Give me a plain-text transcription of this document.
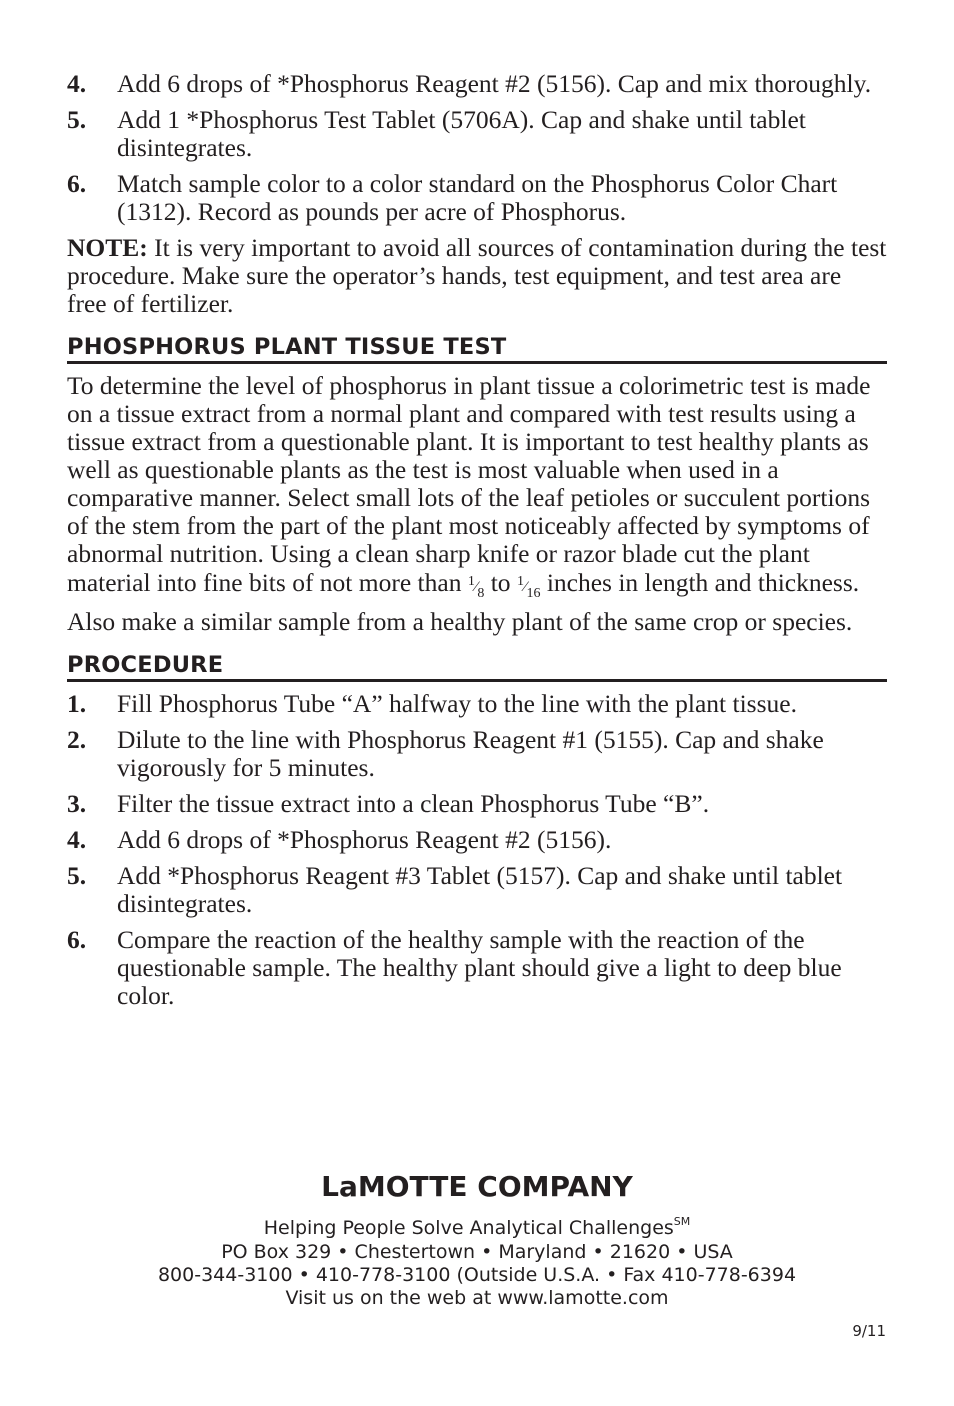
4.	Add 6 drops of *Phosphorus Reagent #2 (5156). Cap and mix thoroughly.
5.	Add 1 *Phosphorus Test Tablet (5706A). Cap and shake until tablet disintegrates.
6.	Match sample color to a color standard on the Phosphorus Color Chart (1312). Record as pounds per acre of Phosphorus.
NOTE: It is very important to avoid all sources of contamination during the test procedure. Make sure the operator’s hands, test equipment, and test area are free of fertilizer.
PHOSPHORUS PLANT TISSUE TEST
To determine the level of phosphorus in plant tissue a colorimetric test is made on a tissue extract from a normal plant and compared with test results using a tissue extract from a questionable plant. It is important to test healthy plants as well as questionable plants as the test is most valuable when used in a comparative manner. Select small lots of the leaf petioles or succulent portions of the stem from the part of the plant most noticeably affected by symptoms of abnormal nutrition. Using a clean sharp knife or razor blade cut the plant material into fine bits of not more than $^1⁄_8$ to $^1⁄_{16}$ inches in length and thickness. Also make a similar sample from a healthy plant of the same crop or species.
PROCEDURE
1.	Fill Phosphorus Tube “A” halfway to the line with the plant tissue.
2.	Dilute to the line with Phosphorus Reagent #1 (5155). Cap and shake vigorously for 5 minutes.
3.	Filter the tissue extract into a clean Phosphorus Tube “B”.
4.	Add 6 drops of *Phosphorus Reagent #2 (5156).
5.	Add *Phosphorus Reagent #3 Tablet (5157). Cap and shake until tablet disintegrates.
6.	Compare the reaction of the healthy sample with the reaction of the questionable sample. The healthy plant should give a light to deep blue color.
LaMOTTE COMPANY
Helping People Solve Analytical Challenges℠
PO Box 329 • Chestertown • Maryland • 21620 • USA
800-344-3100 • 410-778-3100 (Outside U.S.A. • Fax 410-778-6394
Visit us on the web at www.lamotte.com
9/11
